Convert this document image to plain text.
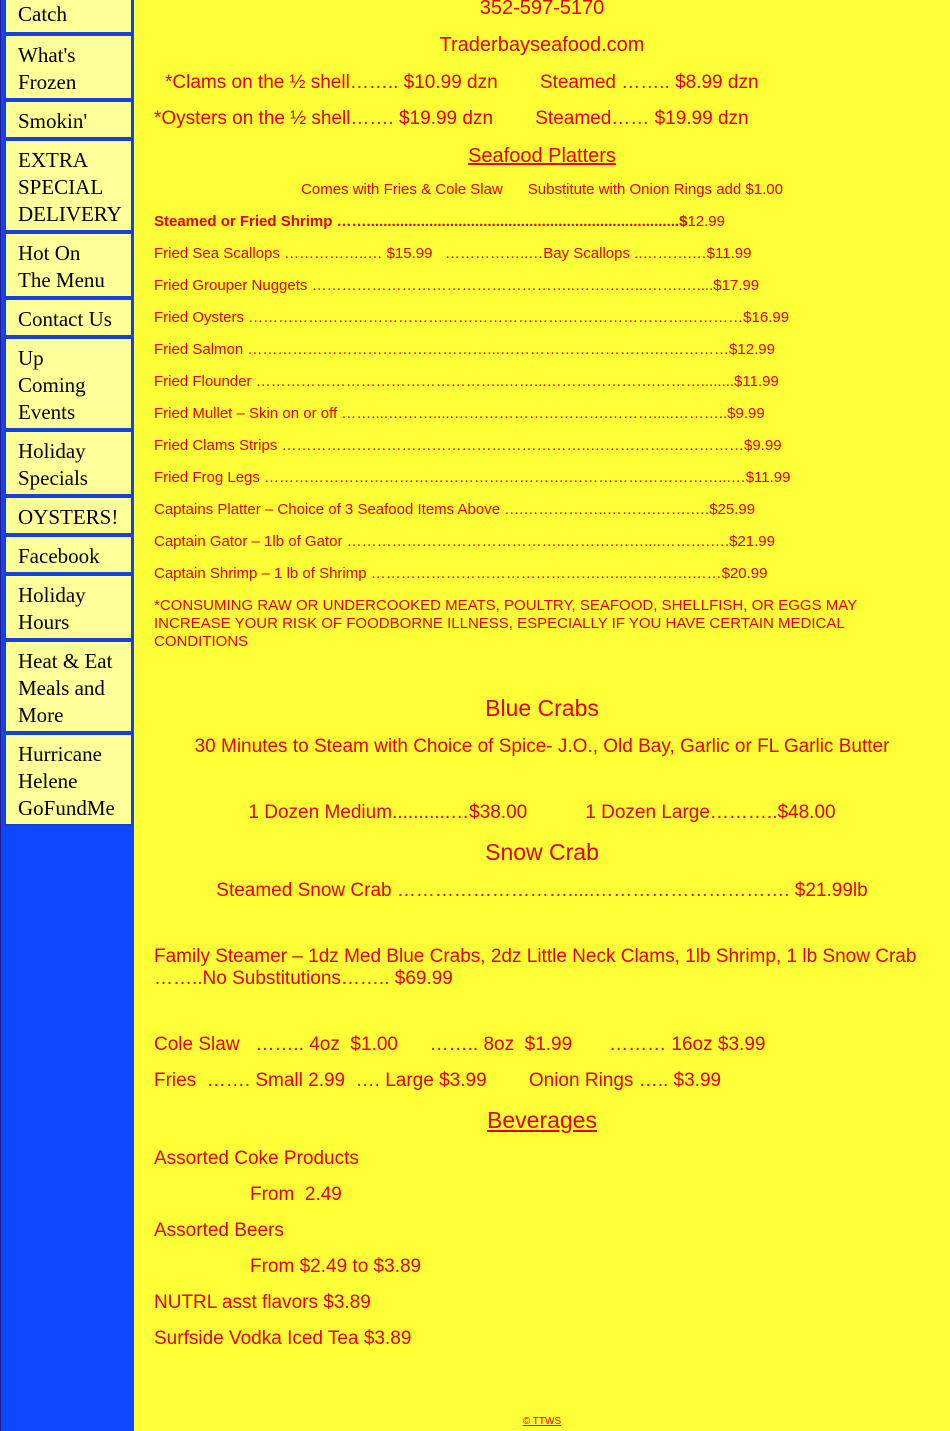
Catch
What's
Frozen
Smokin'
EXTRA
SPECIAL
DELIVERY
Hot On
The Menu
Contact Us
Up
Coming
Events
Holiday
Specials
OYSTERS!
Facebook
Holiday
Hours
Heat & Eat
Meals and
More
Hurricane
Helene
GoFundMe

352-597-5170

Traderbayseafood.com

*Clams on the ½ shell…….. $10.99 dzn        Steamed …….. $8.99 dzn

*Oysters on the ½ shell……. $19.99 dzn        Steamed…… $19.99 dzn

Seafood Platters

Comes with Fries & Cole Slaw      Substitute with Onion Rings add $1.00

Steamed or Fried Shrimp ……...........................................................................$12.99

Fried Sea Scallops ……………..… $15.99   ……………..…Bay Scallops ..……….…$11.99

Fried Grouper Nuggets ……………………………………………..…………...…….…....$17.99

Fried Oysters ………………………………………………………………………………………$16.99

Fried Salmon …………………………………………...………………………….……………$12.99

Fried Flounder …………………………………………..……...………………….………........$11.99

Fried Mullet – Skin on or off ……....……….....………………………….……….....………..$9.99

Fried Clams Strips ……………………………………………………..…………….……………$9.99

Fried Frog Legs …………………………………………………….…………………………...…$11.99

Captains Platter – Choice of 3 Seafood Items Above ….……………..……….…….….$25.99

Captain Gator – 1lb of Gator ……………………………………..……….……....……….….$21.99

Captain Shrimp – 1 lb of Shrimp ……………………………………….…...………….……$20.99

*CONSUMING RAW OR UNDERCOOKED MEATS, POULTRY, SEAFOOD, SHELLFISH, OR EGGS MAY INCREASE YOUR RISK OF FOODBORNE ILLNESS, ESPECIALLY IF YOU HAVE CERTAIN MEDICAL CONDITIONS

Blue Crabs

30 Minutes to Steam with Choice of Spice- J.O., Old Bay, Garlic or FL Garlic Butter

1 Dozen Medium...........…$38.00           1 Dozen Large………..$48.00

Snow Crab

Steamed Snow Crab ……………………….....…………………………. $21.99lb

Family Steamer – 1dz Med Blue Crabs, 2dz Little Neck Clams, 1lb Shrimp, 1 lb Snow Crab ……..No Substitutions…….. $69.99

Cole Slaw   …….. 4oz  $1.00      …….. 8oz  $1.99       ……… 16oz $3.99

Fries  ……. Small 2.99  …. Large $3.99        Onion Rings ….. $3.99

Beverages

Assorted Coke Products

From  2.49

Assorted Beers

From $2.49 to $3.89

NUTRL asst flavors $3.89

Surfside Vodka Iced Tea $3.89

© TTWS
